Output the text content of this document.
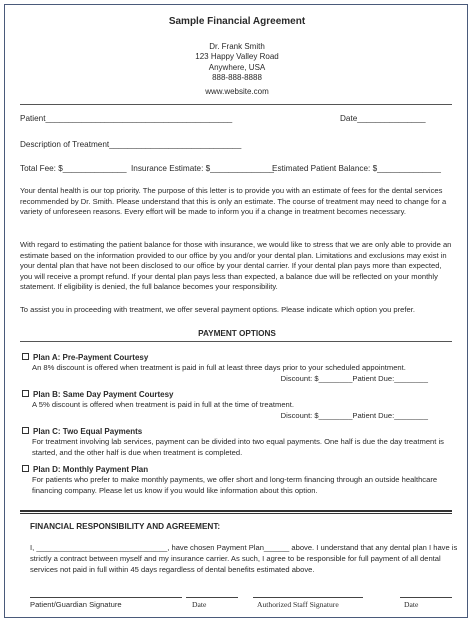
Sample Financial Agreement
Dr. Frank Smith
123 Happy Valley Road
Anywhere, USA
888-888-8888
www.website.com
Patient_________________________________________	Date_______________
Description of Treatment_____________________________
Total Fee: $______________ Insurance Estimate: $______________
Estimated Patient Balance: $______________

Your dental health is our top priority. The purpose of this letter is to provide you with an estimate of fees for the dental services recommended by Dr. Smith. Please understand that this is only an estimate. The course of treatment may need to change for a variety of unforeseen reasons. Every effort will be made to inform you if a change in treatment becomes necessary.

With regard to estimating the patient balance for those with insurance, we would like to stress that we are only able to provide an estimate based on the information provided to our office by you and/or your dental plan. Limitations and exclusions may exist in your dental plan that have not been disclosed to our office by your dental carrier. If your dental plan pays more than expected, you will receive a prompt refund. If your dental plan pays less than expected, a balance due will be reflected on your monthly statement. If eligibility is denied, the full balance becomes your responsibility.

To assist you in proceeding with treatment, we offer several payment options. Please indicate which option you prefer.

PAYMENT OPTIONS
Plan A: Pre-Payment Courtesy
An 8% discount is offered when treatment is paid in full at least three days prior to your scheduled appointment.
Discount: $________Patient Due:________
Plan B: Same Day Payment Courtesy
A 5% discount is offered when treatment is paid in full at the time of treatment.
Discount: $________Patient Due:________
Plan C: Two Equal Payments
For treatment involving lab services, payment can be divided into two equal payments. One half is due the day treatment is started, and the other half is due when treatment is completed.
Plan D: Monthly Payment Plan
For patients who prefer to make monthly payments, we offer short and long-term financing through an outside healthcare financing company. Please let us know if you would like information about this option.
FINANCIAL RESPONSIBILITY AND AGREEMENT:
I, _______________________________, have chosen Payment Plan______ above. I understand that any dental plan I have is strictly a contract between myself and my insurance carrier. As such, I agree to be responsible for full payment of all dental services not paid in full within 45 days regardless of dental benefits estimated above.
Patient/Guardian Signature	Date	Authorized Staff Signature	Date
